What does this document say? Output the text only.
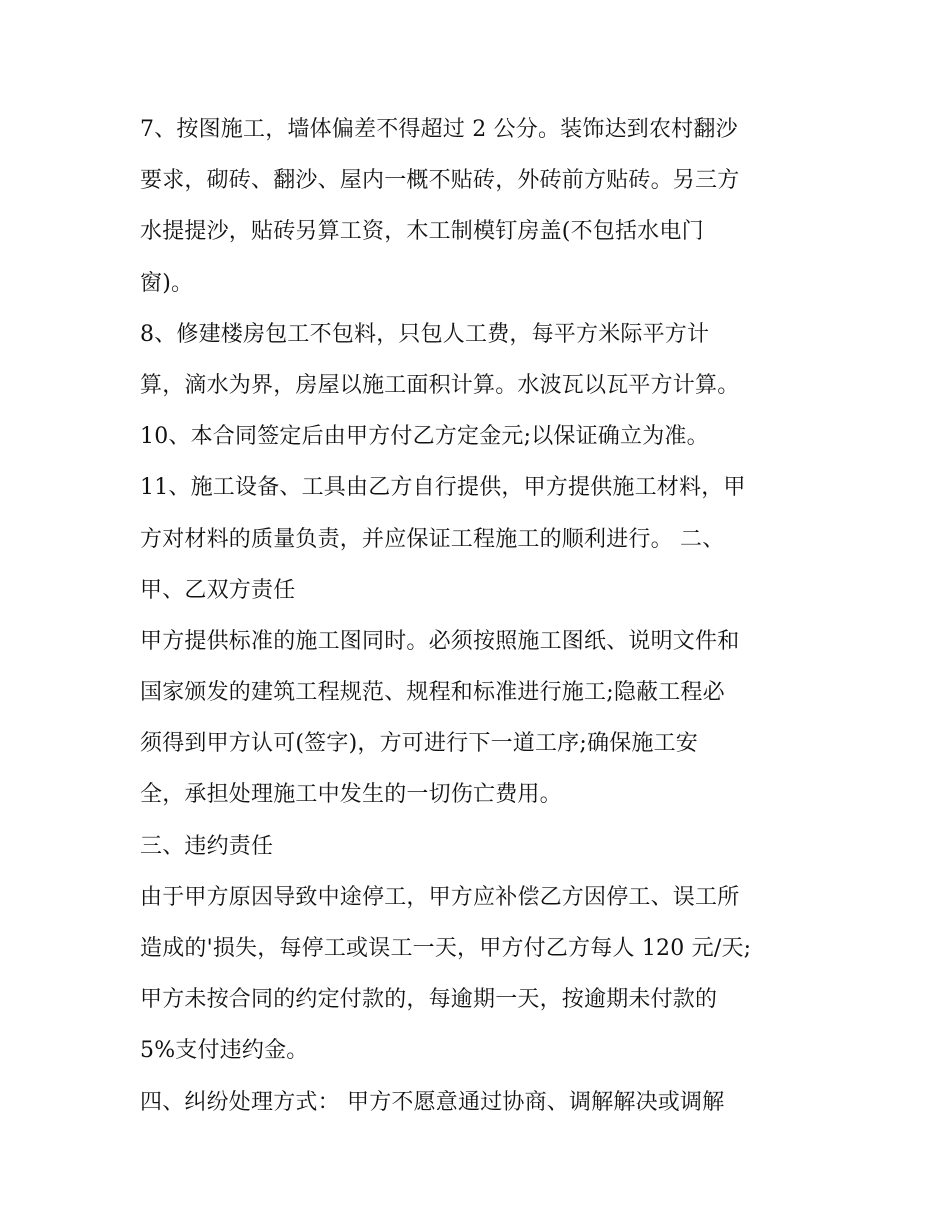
7、按图施工，墙体偏差不得超过 2 公分。装饰达到农村翻沙
要求，砌砖、翻沙、屋内一概不贴砖，外砖前方贴砖。另三方
水提提沙，贴砖另算工资，木工制模钉房盖(不包括水电门
窗)。
8、修建楼房包工不包料，只包人工费，每平方米际平方计
算，滴水为界，房屋以施工面积计算。水波瓦以瓦平方计算。
10、本合同签定后由甲方付乙方定金元;以保证确立为准。
11、施工设备、工具由乙方自行提供，甲方提供施工材料，甲
方对材料的质量负责，并应保证工程施工的顺利进行。 二、
甲、乙双方责任
甲方提供标准的施工图同时。必须按照施工图纸、说明文件和
国家颁发的建筑工程规范、规程和标准进行施工;隐蔽工程必
须得到甲方认可(签字)，方可进行下一道工序;确保施工安
全，承担处理施工中发生的一切伤亡费用。
三、违约责任
由于甲方原因导致中途停工，甲方应补偿乙方因停工、误工所
造成的'损失，每停工或误工一天，甲方付乙方每人 120 元/天;
甲方未按合同的约定付款的，每逾期一天，按逾期未付款的
5%支付违约金。
四、纠纷处理方式： 甲方不愿意通过协商、调解解决或调解
